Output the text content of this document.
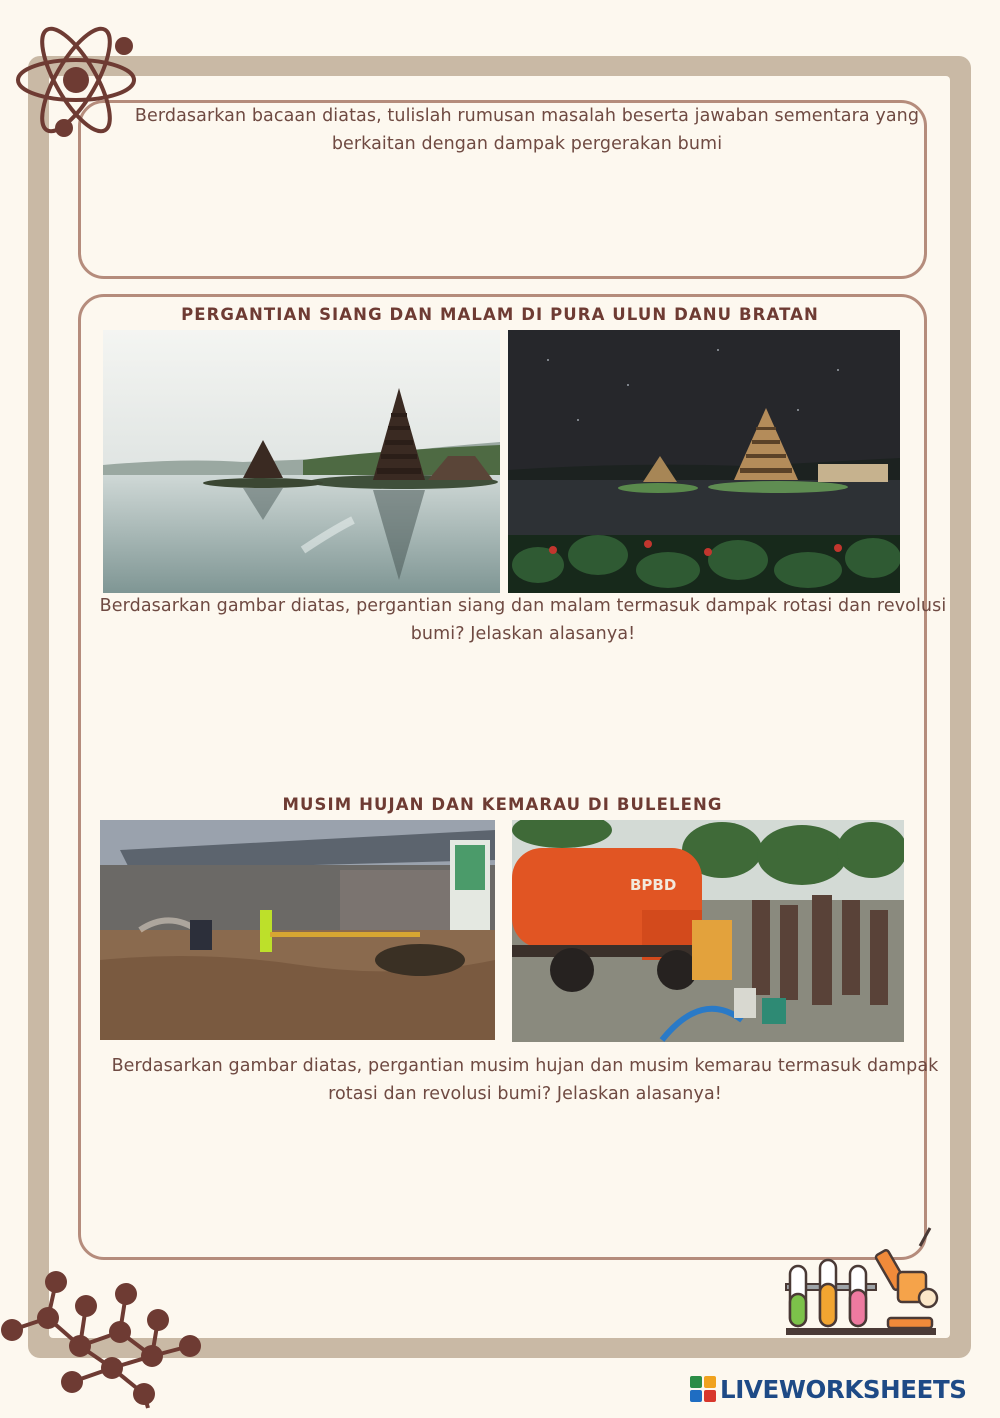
Berdasarkan bacaan diatas, tulislah rumusan masalah beserta jawaban sementara yang berkaitan dengan dampak pergerakan bumi
PERGANTIAN SIANG DAN MALAM DI PURA ULUN DANU BRATAN
Berdasarkan gambar diatas, pergantian siang dan malam termasuk dampak rotasi dan revolusi bumi? Jelaskan alasanya!
MUSIM HUJAN DAN KEMARAU DI BULELENG
BPBD
Berdasarkan gambar diatas, pergantian musim hujan dan musim kemarau termasuk dampak rotasi dan revolusi bumi? Jelaskan alasanya!
LIVEWORKSHEETS
